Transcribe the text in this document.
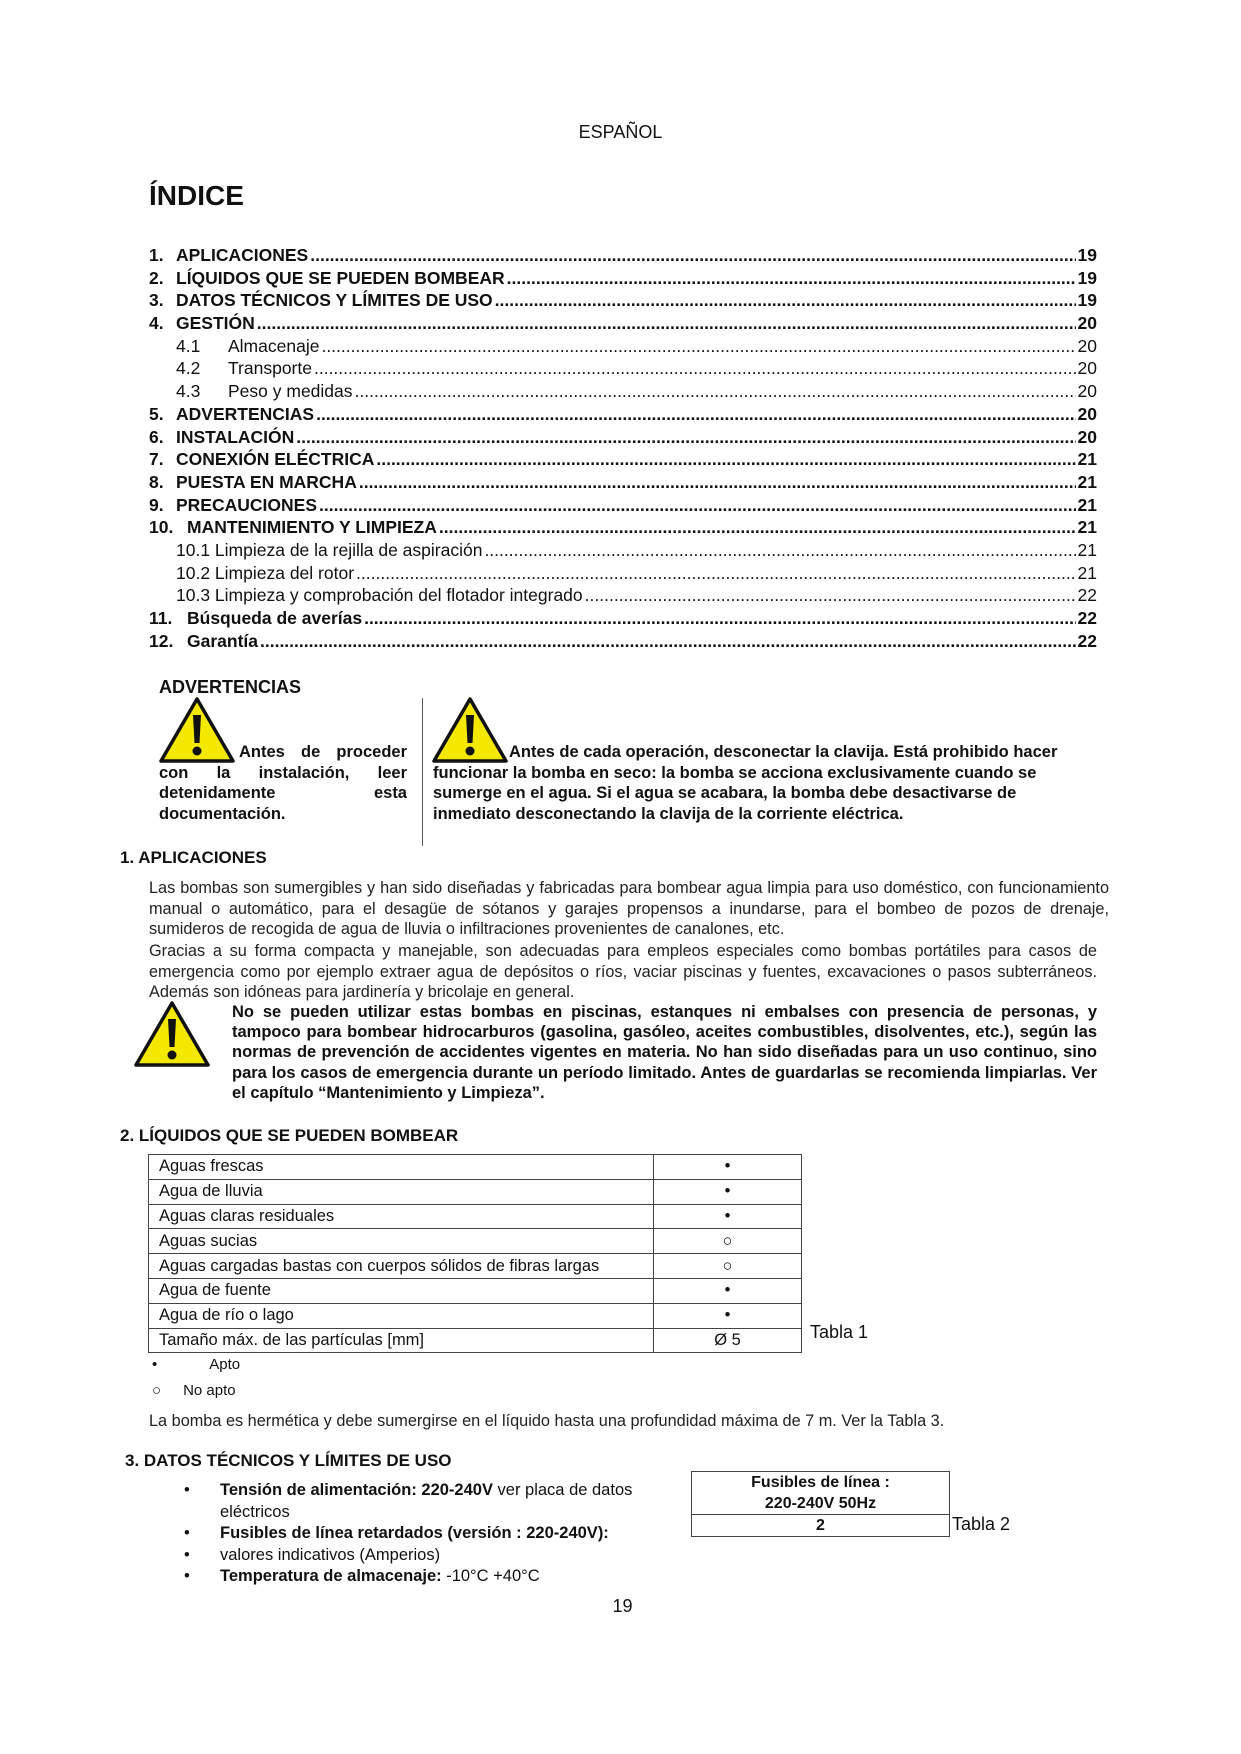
ESPAÑOL
ÍNDICE
1. APLICACIONES .....	19
2. LÍQUIDOS QUE SE PUEDEN BOMBEAR .....	19
3. DATOS TÉCNICOS Y LÍMITES DE USO .....	19
4. GESTIÓN .....	20
4.1	Almacenaje .....	20
4.2	Transporte .....	20
4.3	Peso y medidas .....	20
5. ADVERTENCIAS .....	20
6. INSTALACIÓN .....	20
7. CONEXIÓN ELÉCTRICA .....	21
8. PUESTA EN MARCHA .....	21
9. PRECAUCIONES .....	21
10. MANTENIMIENTO Y LIMPIEZA .....	21
10.1 Limpieza de la rejilla de aspiración .....	21
10.2 Limpieza del rotor .....	21
10.3 Limpieza y comprobación del flotador integrado .....	22
11. Búsqueda de averías .....	22
12. Garantía .....	22
ADVERTENCIAS
Antes de proceder con la instalación, leer detenidamente esta documentación.
Antes de cada operación, desconectar la clavija. Está prohibido hacer funcionar la bomba en seco: la bomba se acciona exclusivamente cuando se sumerge en el agua. Si el agua se acabara, la bomba debe desactivarse de inmediato desconectando la clavija de la corriente eléctrica.
1. APLICACIONES
Las bombas son sumergibles y han sido diseñadas y fabricadas para bombear agua limpia para uso doméstico, con funcionamiento manual o automático, para el desagüe de sótanos y garajes propensos a inundarse, para el bombeo de pozos de drenaje, sumideros de recogida de agua de lluvia o infiltraciones provenientes de canalones, etc.
Gracias a su forma compacta y manejable, son adecuadas para empleos especiales como bombas portátiles para casos de emergencia como por ejemplo extraer agua de depósitos o ríos, vaciar piscinas y fuentes, excavaciones o pasos subterráneos. Además son idóneas para jardinería y bricolaje en general.
No se pueden utilizar estas bombas en piscinas, estanques ni embalses con presencia de personas, y tampoco para bombear hidrocarburos (gasolina, gasóleo, aceites combustibles, disolventes, etc.), según las normas de prevención de accidentes vigentes en materia. No han sido diseñadas para un uso continuo, sino para los casos de emergencia durante un período limitado. Antes de guardarlas se recomienda limpiarlas. Ver el capítulo “Mantenimiento y Limpieza”.
2. LÍQUIDOS QUE SE PUEDEN BOMBEAR
Aguas frescas	•
Agua de lluvia	•
Aguas claras residuales	•
Aguas sucias	○
Aguas cargadas bastas con cuerpos sólidos de fibras largas	○
Agua de fuente	•
Agua de río o lago	•
Tamaño máx. de las partículas [mm]	Ø 5	Tabla 1
•	Apto
○ No apto
La bomba es hermética y debe sumergirse en el líquido hasta una profundidad máxima de 7 m. Ver la Tabla 3.
3. DATOS TÉCNICOS Y LÍMITES DE USO
• Tensión de alimentación: 220-240V ver placa de datos eléctricos
• Fusibles de línea retardados (versión : 220-240V):
• valores indicativos (Amperios)
• Temperatura de almacenaje: -10°C +40°C
Fusibles de línea :
220-240V 50Hz
2	Tabla 2
19
